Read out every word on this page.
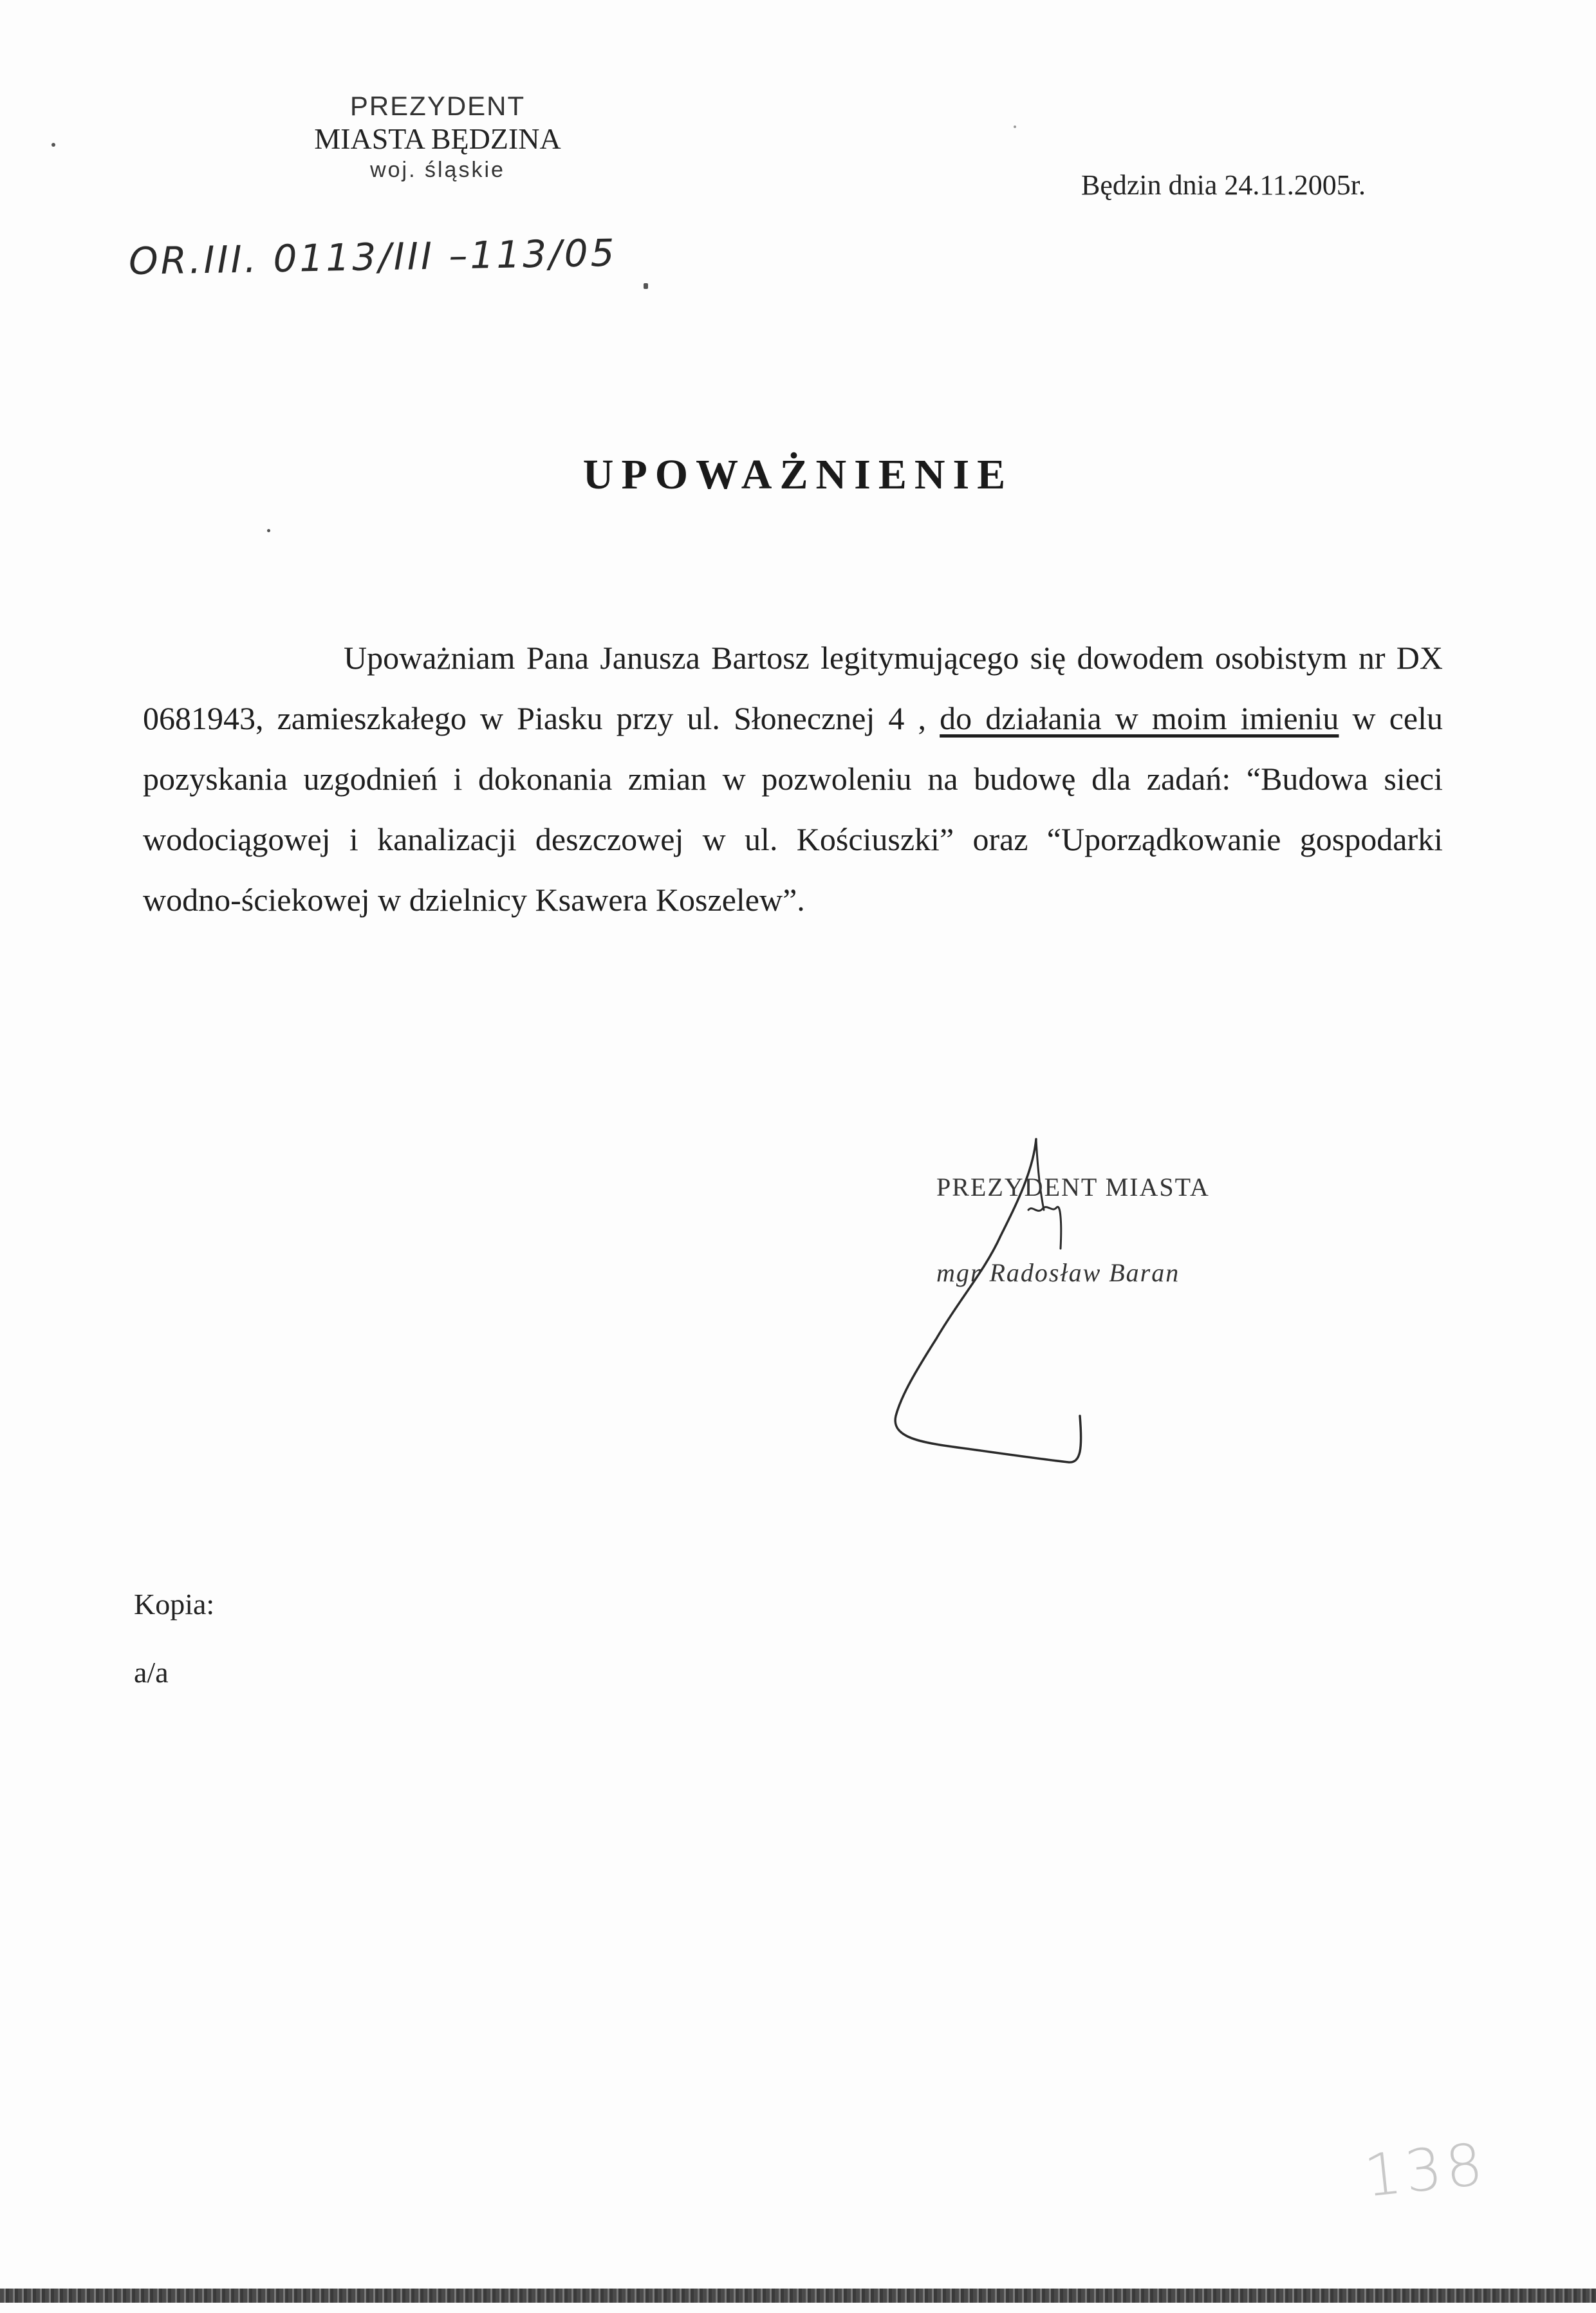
PREZYDENT
MIASTA BĘDZINA
woj. śląskie	Będzin dnia 24.11.2005r.
OR.III. 0113/III –113/05
UPOWAŻNIENIE

Upoważniam Pana Janusza Bartosz legitymującego się dowodem osobistym nr DX 0681943, zamieszkałego w Piasku przy ul. Słonecznej 4 , do działania w moim imieniu w celu pozyskania uzgodnień i dokonania zmian w pozwoleniu na budowę dla zadań: “Budowa sieci wodociągowej i kanalizacji deszczowej w ul. Kościuszki” oraz “Uporządkowanie gospodarki wodno-ściekowej w dzielnicy Ksawera Koszelew”.

PREZYDENT MIASTA
mgr Radosław Baran
Kopia:
a/a
138
